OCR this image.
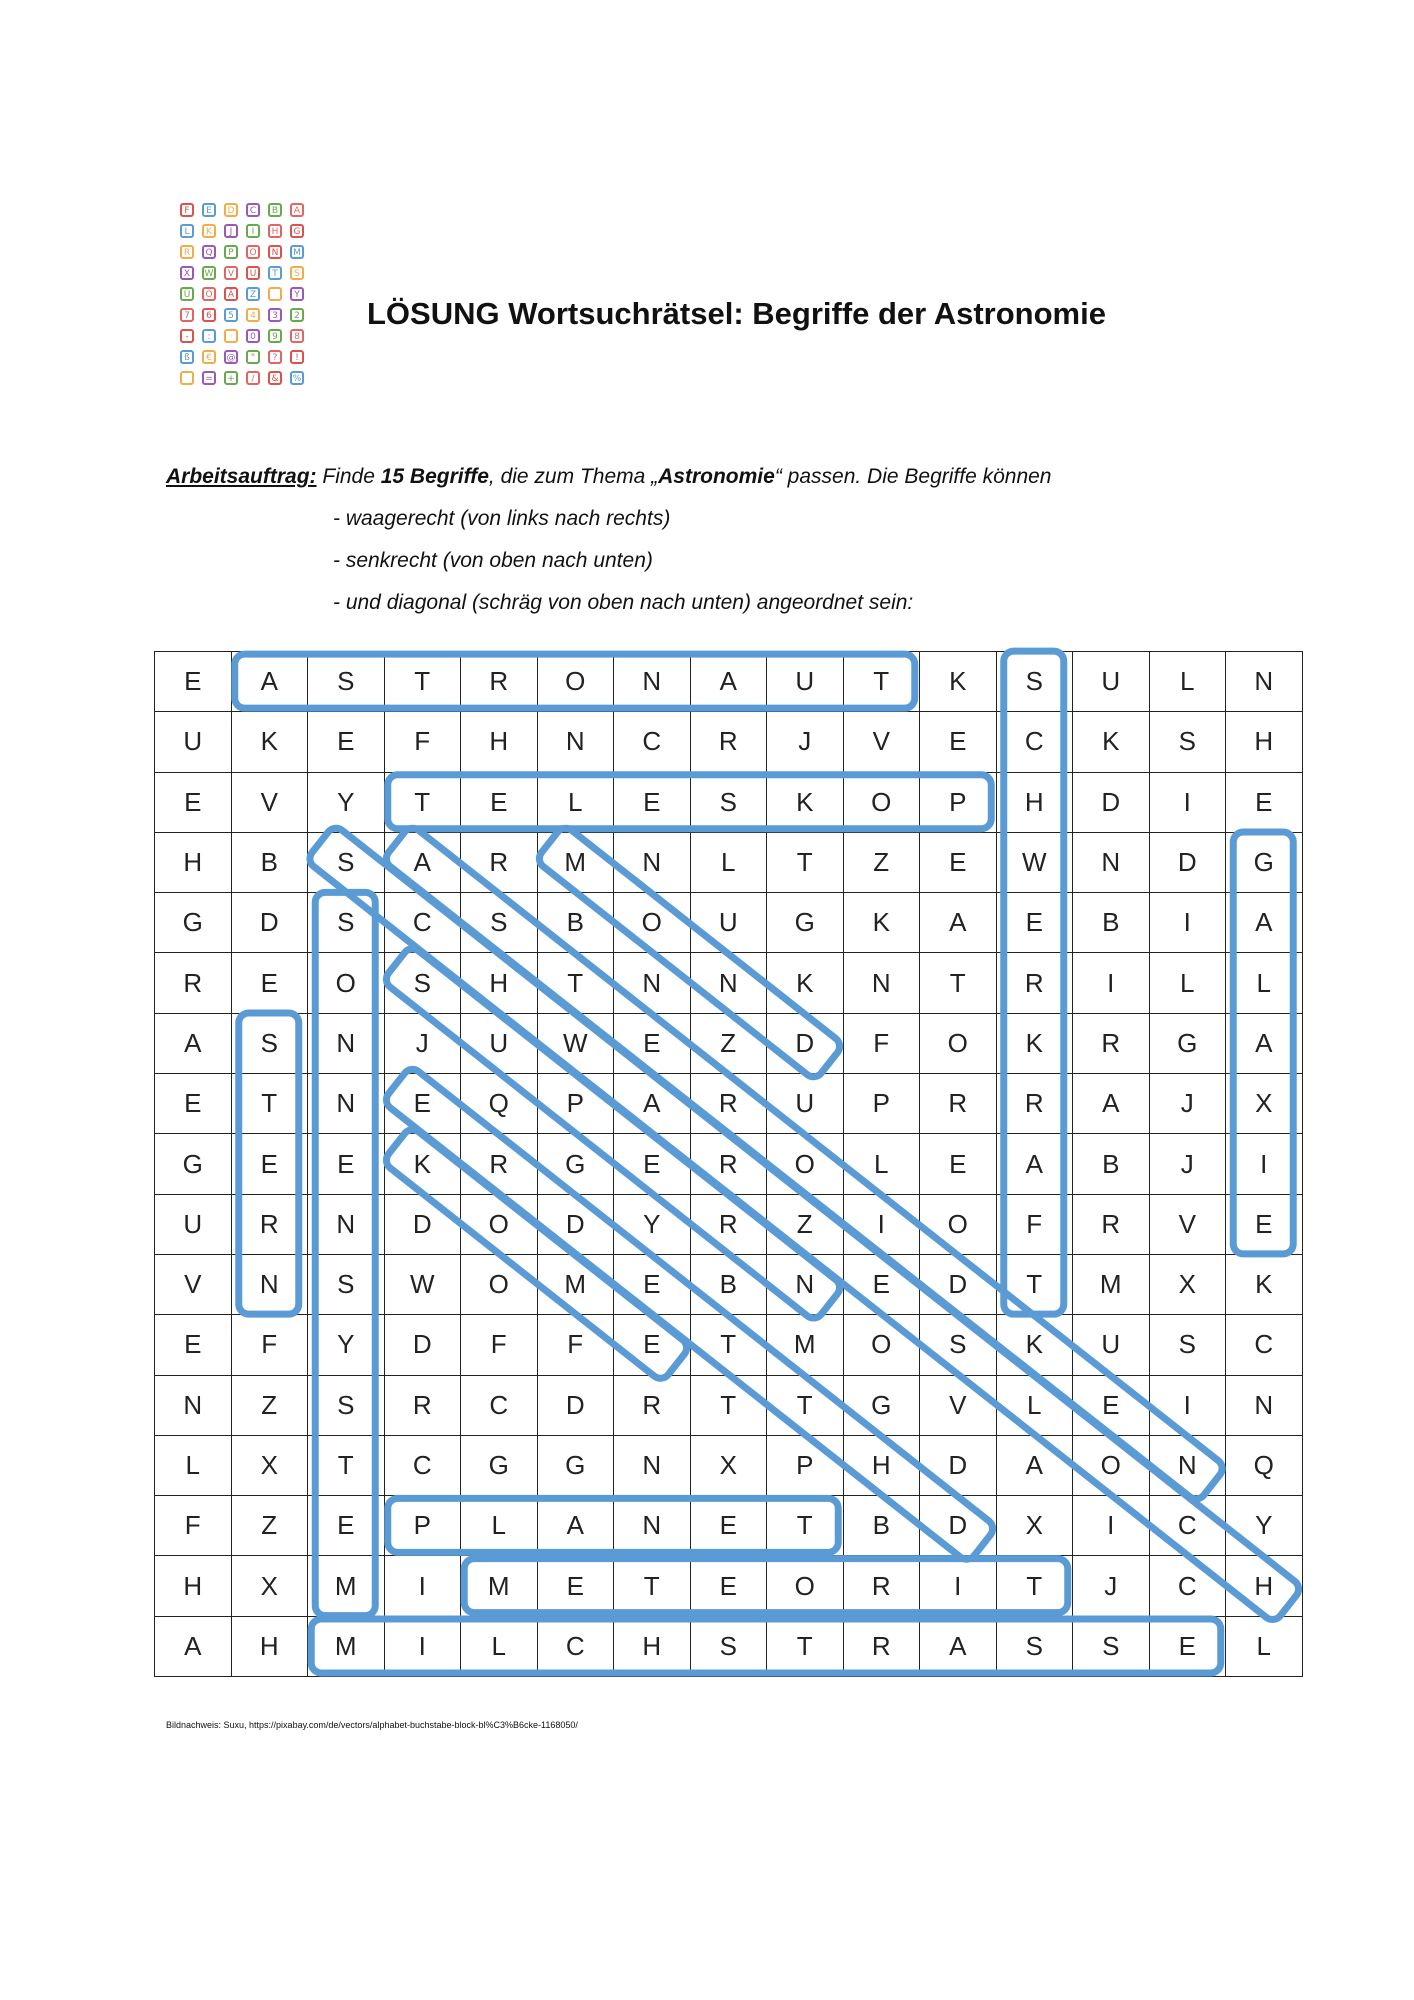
F	E	D	C	B	A
L	K	J	I	H	G
R	Q	P	O	N	M
X	W	V	U	T	S
Ü	Ö	Ä	Z	Y
7	6	5	4	3	2
-	:	·	0	9	8
ß	€	@	"	?	!
=	+	/	&	%
LÖSUNG Wortsuchrätsel: Begriffe der Astronomie

Arbeitsauftrag: Finde 15 Begriffe, die zum Thema „Astronomie“ passen. Die Begriffe können

- waagerecht (von links nach rechts)

- senkrecht (von oben nach unten)

- und diagonal (schräg von oben nach unten) angeordnet sein:

E	A	S	T	R	O	N	A	U	T	K	S	U	L	N
U	K	E	F	H	N	C	R	J	V	E	C	K	S	H
E	V	Y	T	E	L	E	S	K	O	P	H	D	I	E
H	B	S	A	R	M	N	L	T	Z	E	W	N	D	G
G	D	S	C	S	B	O	U	G	K	A	E	B	I	A
R	E	O	S	H	T	N	N	K	N	T	R	I	L	L
A	S	N	J	U	W	E	Z	D	F	O	K	R	G	A
E	T	N	E	Q	P	A	R	U	P	R	R	A	J	X
G	E	E	K	R	G	E	R	O	L	E	A	B	J	I
U	R	N	D	O	D	Y	R	Z	I	O	F	R	V	E
V	N	S	W	O	M	E	B	N	E	D	T	M	X	K
E	F	Y	D	F	F	E	T	M	O	S	K	U	S	C
N	Z	S	R	C	D	R	T	T	G	V	L	E	I	N
L	X	T	C	G	G	N	X	P	H	D	A	O	N	Q
F	Z	E	P	L	A	N	E	T	B	D	X	I	C	Y
H	X	M	I	M	E	T	E	O	R	I	T	J	C	H
A	H	M	I	L	C	H	S	T	R	A	S	S	E	L

Bildnachweis: Suxu, https://pixabay.com/de/vectors/alphabet-buchstabe-block-bl%C3%B6cke-1168050/
